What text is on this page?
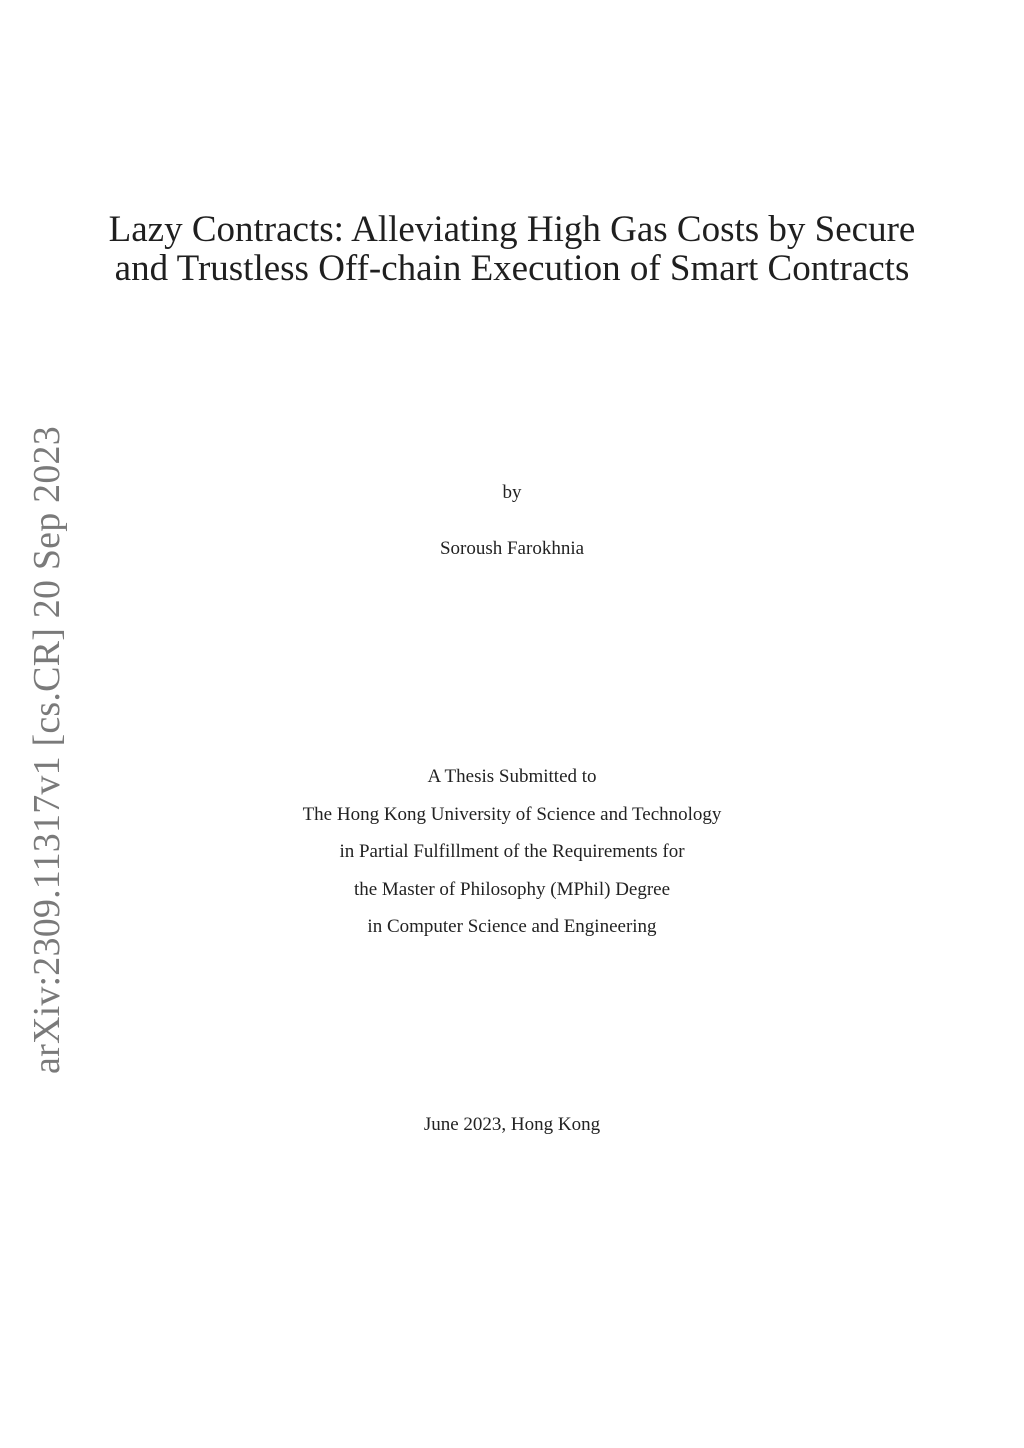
arXiv:2309.11317v1 [cs.CR] 20 Sep 2023
Lazy Contracts: Alleviating High Gas Costs by Secure
and Trustless Off-chain Execution of Smart Contracts
by
Soroush Farokhnia
A Thesis Submitted to
The Hong Kong University of Science and Technology
in Partial Fulfillment of the Requirements for
the Master of Philosophy (MPhil) Degree
in Computer Science and Engineering
June 2023, Hong Kong
